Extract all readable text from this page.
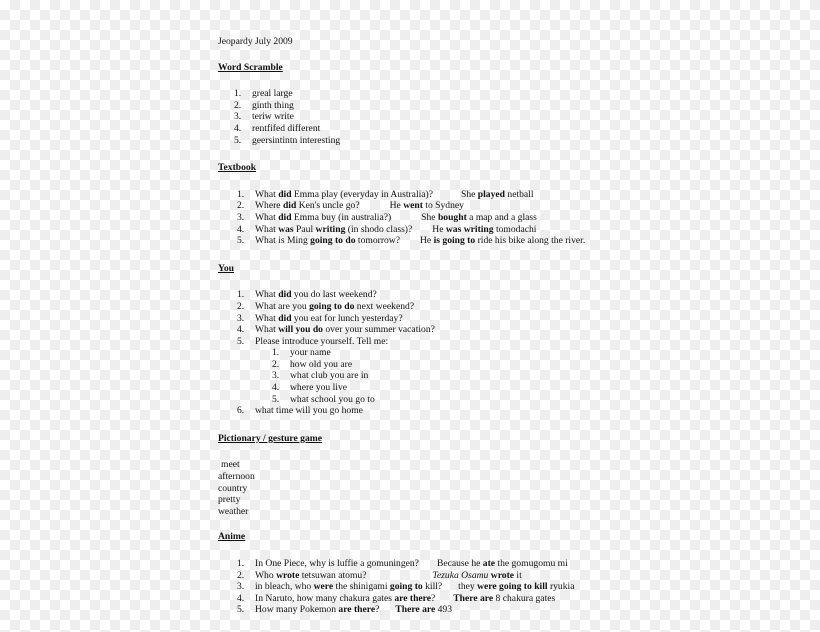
Jeopardy July 2009
Word Scramble
1.	greal large
2.	ginth thing
3.	teriw write
4.	rentfifed different
5.	geersintintn interesting
Textbook
1.	What did Emma play (everyday in Australia)?	She played netball
2.	Where did Ken's uncle go?	He went to Sydney
3.	What did Emma buy (in australia?)	She bought a map and a glass
4.	What was Paul writing (in shodo class)? He was writing tomodachi
5.	What is Ming going to do tomorrow? He is going to ride his bike along the river.
You
1.	What did you do last weekend?
2.	What are you going to do next weekend?
3.	What did you eat for lunch yesterday?
4.	What will you do over your summer vacation?
5.	Please introduce yourself. Tell me:
1.	your name
2.	how old you are
3.	what club you are in
4.	where you live
5.	what school you go to
6.	what time will you go home
Pictionary / gesture game
meet
afternoon
country
pretty
weather
Anime
1.	In One Piece, why is luffie a gomuningen? Because he ate the gomugomu mi
2.	Who wrote tetsuwan atomu?	Tezuka Osamu wrote it
3.	in bleach, who were the shinigami going to kill? they were going to kill ryukia
4.	In Naruto, how many chakura gates are there? There are 8 chakura gates
5.	How many Pokemon are there? There are 493
